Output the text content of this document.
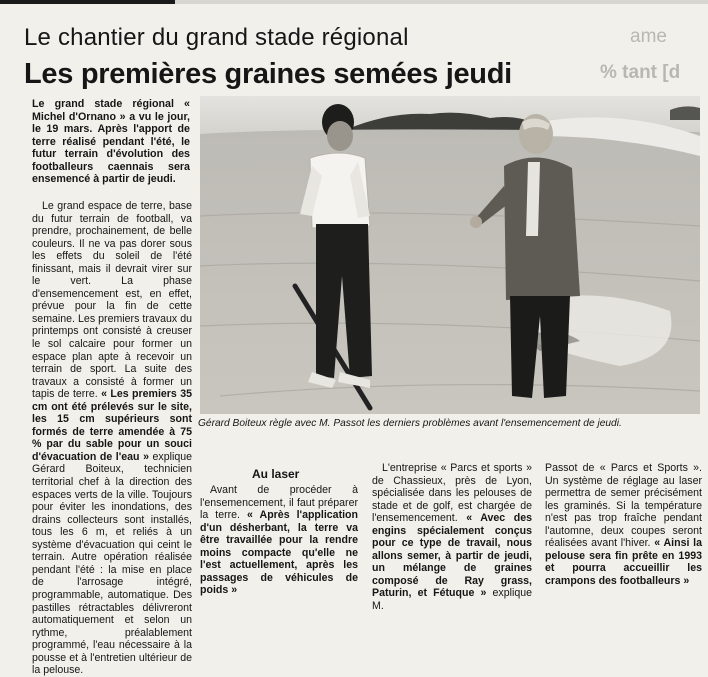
ame
% tant [d
Le chantier du grand stade régional
Les premières graines semées jeudi
Le grand stade régional « Michel d'Ornano » a vu le jour, le 19 mars. Après l'apport de terre réalisé pendant l'été, le futur terrain d'évolution des footballeurs caennais sera ensemencé à partir de jeudi.

Le grand espace de terre, base du futur terrain de football, va prendre, prochainement, de belle couleurs. Il ne va pas dorer sous les effets du soleil de l'été finissant, mais il devrait virer sur le vert. La phase d'ensemencement est, en effet, prévue pour la fin de cette semaine. Les premiers travaux du printemps ont consisté à creuser le sol calcaire pour former un espace plan apte à recevoir un terrain de sport. La suite des travaux a consisté à former un tapis de terre. « Les premiers 35 cm ont été prélevés sur le site, les 15 cm supérieurs sont formés de terre amendée à 75 % par du sable pour un souci d'évacuation de l'eau » explique Gérard Boiteux, technicien territorial chef à la direction des espaces verts de la ville. Toujours pour éviter les inondations, des drains collecteurs sont installés, tous les 6 m, et reliés à un système d'évacuation qui ceint le terrain. Autre opération réalisée pendant l'été : la mise en place de l'arrosage intégré, programmable, automatique. Des pastilles rétractables délivreront automatiquement et selon un rythme, préalablement programmé, l'eau nécessaire à la pousse et à l'entretien ultérieur de la pelouse.

Gérard Boiteux règle avec M. Passot les derniers problèmes avant l'ensemencement de jeudi.
Au laser

Avant de procéder à l'ensemencement, il faut préparer la terre. « Après l'application d'un désherbant, la terre va être travaillée pour la rendre moins compacte qu'elle ne l'est actuellement, après les passages de véhicules de poids »

L'entreprise « Parcs et sports » de Chassieux, près de Lyon, spécialisée dans les pelouses de stade et de golf, est chargée de l'ensemencement. « Avec des engins spécialement conçus pour ce type de travail, nous allons semer, à partir de jeudi, un mélange de graines composé de Ray grass, Paturin, et Fétuque » explique M.

Passot de « Parcs et Sports ». Un système de réglage au laser permettra de semer précisément les graminés. Si la température n'est pas trop fraîche pendant l'automne, deux coupes seront réalisées avant l'hiver. « Ainsi la pelouse sera fin prête en 1993 et pourra accueillir les crampons des footballeurs »
